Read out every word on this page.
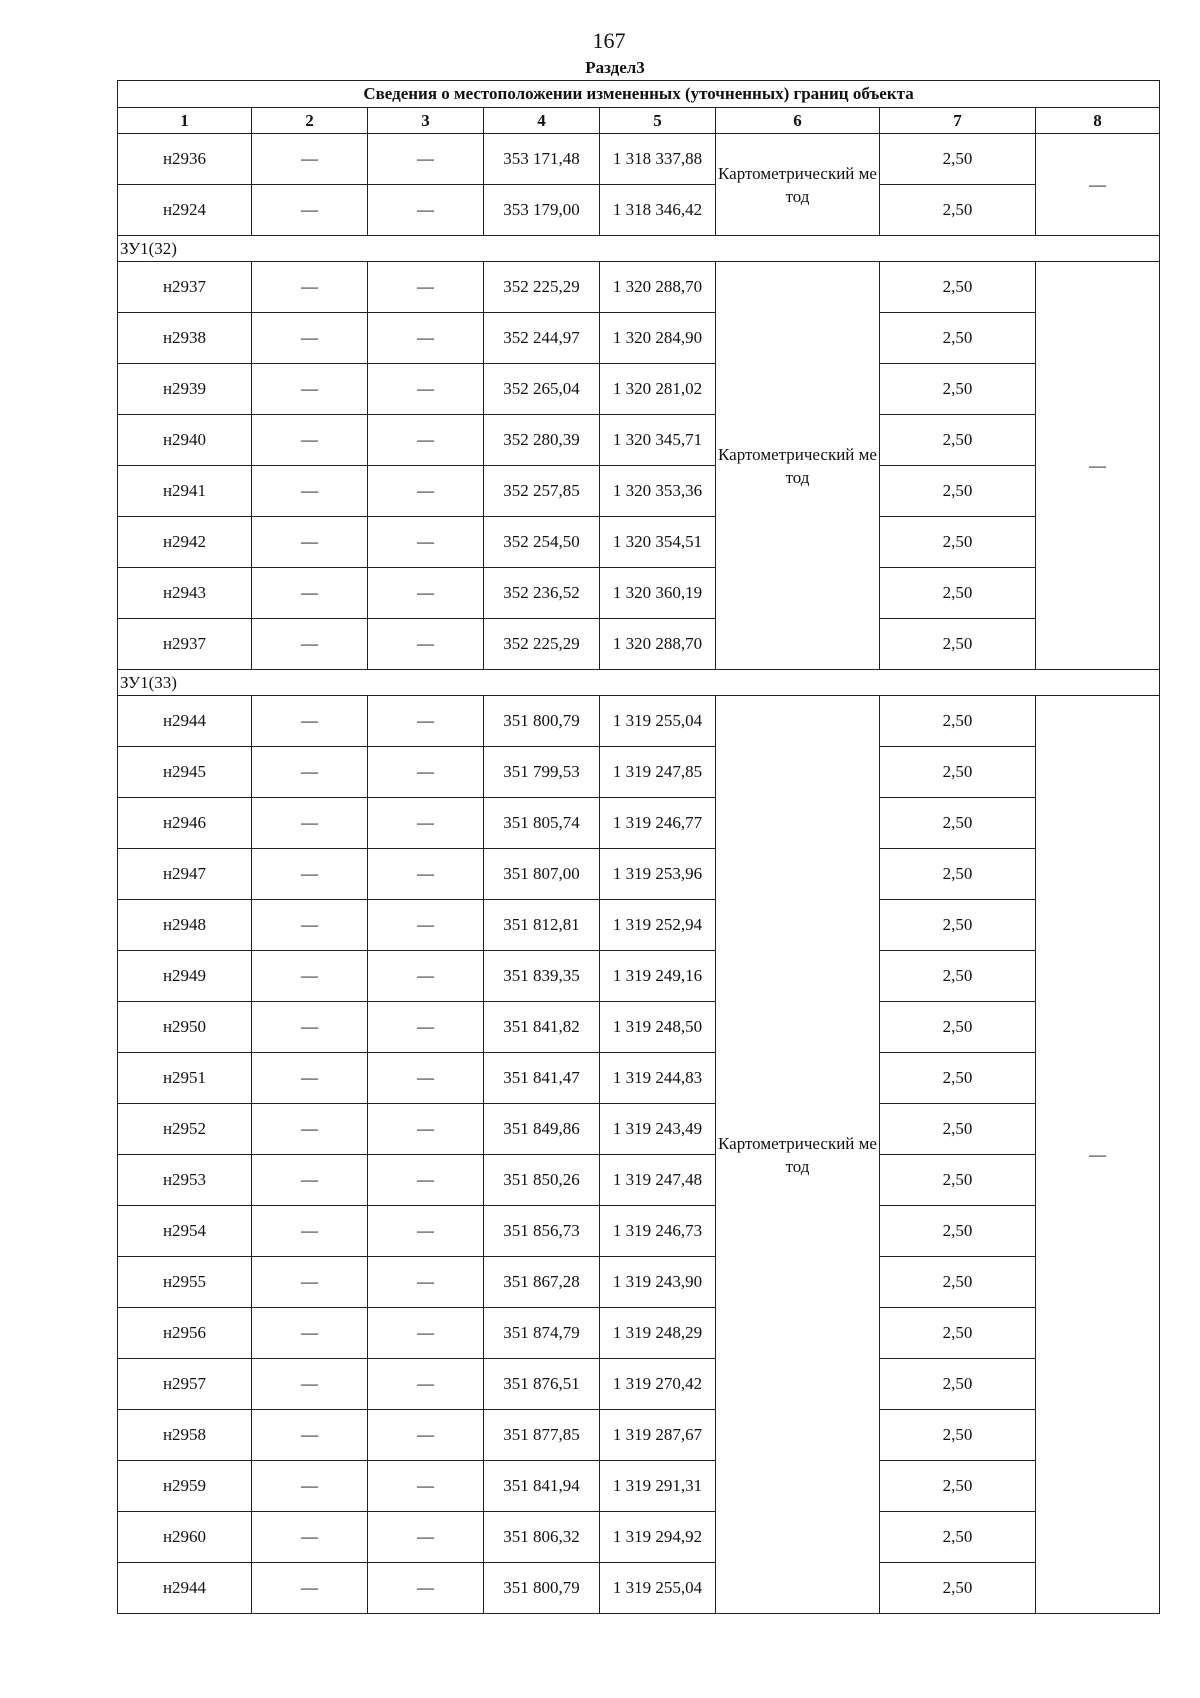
167
Раздел3
Сведения о местоположении измененных (уточненных) границ объекта							
1	2	3	4	5	6	7	8
н2936	—	—	353 171,48	1 318 337,88	Картометрический метод	2,50	—
н2924	—	—	353 179,00	1 318 346,42		2,50	
ЗУ1(32)							
н2937	—	—	352 225,29	1 320 288,70	Картометрический метод	2,50	—
н2938	—	—	352 244,97	1 320 284,90		2,50	
н2939	—	—	352 265,04	1 320 281,02		2,50	
н2940	—	—	352 280,39	1 320 345,71		2,50	
н2941	—	—	352 257,85	1 320 353,36		2,50	
н2942	—	—	352 254,50	1 320 354,51		2,50	
н2943	—	—	352 236,52	1 320 360,19		2,50	
н2937	—	—	352 225,29	1 320 288,70		2,50	
ЗУ1(33)							
н2944	—	—	351 800,79	1 319 255,04	Картометрический метод	2,50	—
н2945	—	—	351 799,53	1 319 247,85		2,50	
н2946	—	—	351 805,74	1 319 246,77		2,50	
н2947	—	—	351 807,00	1 319 253,96		2,50	
н2948	—	—	351 812,81	1 319 252,94		2,50	
н2949	—	—	351 839,35	1 319 249,16		2,50	
н2950	—	—	351 841,82	1 319 248,50		2,50	
н2951	—	—	351 841,47	1 319 244,83		2,50	
н2952	—	—	351 849,86	1 319 243,49		2,50	
н2953	—	—	351 850,26	1 319 247,48		2,50	
н2954	—	—	351 856,73	1 319 246,73		2,50	
н2955	—	—	351 867,28	1 319 243,90		2,50	
н2956	—	—	351 874,79	1 319 248,29		2,50	
н2957	—	—	351 876,51	1 319 270,42		2,50	
н2958	—	—	351 877,85	1 319 287,67		2,50	
н2959	—	—	351 841,94	1 319 291,31		2,50	
н2960	—	—	351 806,32	1 319 294,92		2,50	
н2944	—	—	351 800,79	1 319 255,04		2,50	
